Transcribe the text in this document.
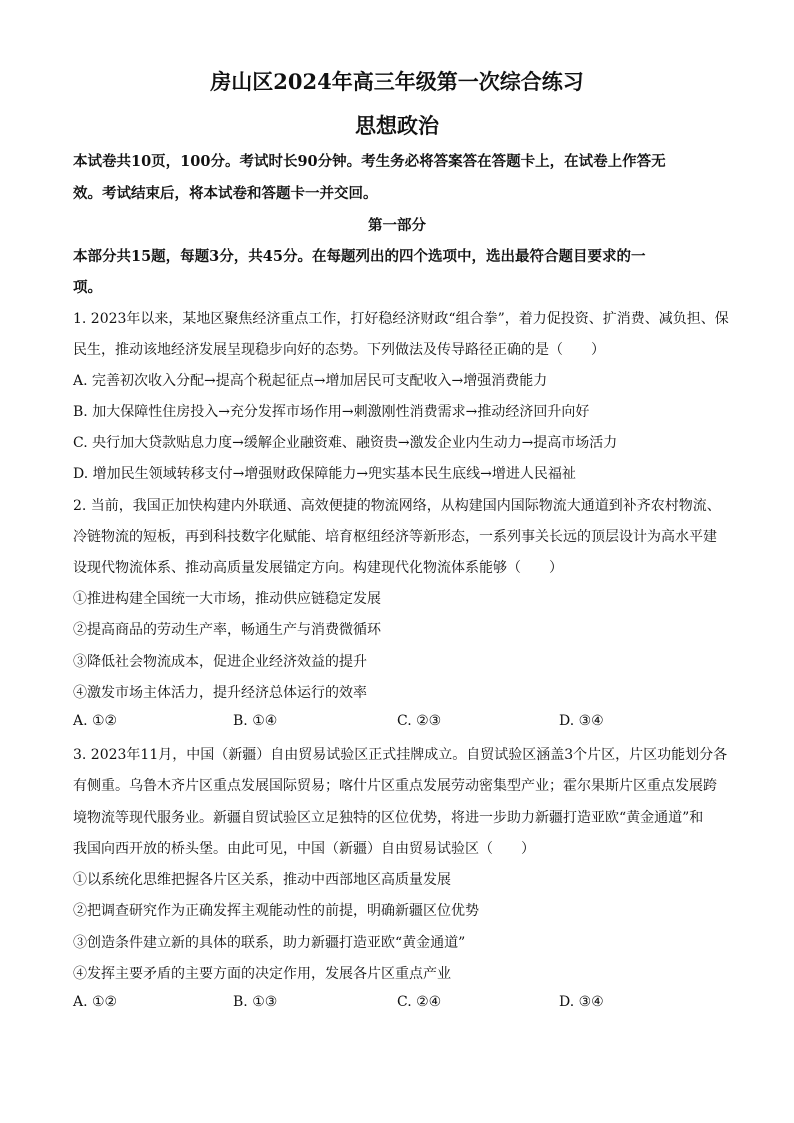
房山区2024年高三年级第一次综合练习
思想政治
本试卷共10页，100分。考试时长90分钟。考生务必将答案答在答题卡上，在试卷上作答无
效。考试结束后，将本试卷和答题卡一并交回。
第一部分
本部分共15题，每题3分，共45分。在每题列出的四个选项中，选出最符合题目要求的一
项。
1. 2023年以来，某地区聚焦经济重点工作，打好稳经济财政“组合拳”，着力促投资、扩消费、减负担、保
民生，推动该地经济发展呈现稳步向好的态势。下列做法及传导路径正确的是（　　）
A. 完善初次收入分配→提高个税起征点→增加居民可支配收入→增强消费能力
B. 加大保障性住房投入→充分发挥市场作用→刺激刚性消费需求→推动经济回升向好
C. 央行加大贷款贴息力度→缓解企业融资难、融资贵→激发企业内生动力→提高市场活力
D. 增加民生领域转移支付→增强财政保障能力→兜实基本民生底线→增进人民福祉
2. 当前，我国正加快构建内外联通、高效便捷的物流网络，从构建国内国际物流大通道到补齐农村物流、
冷链物流的短板，再到科技数字化赋能、培育枢纽经济等新形态，一系列事关长远的顶层设计为高水平建
设现代物流体系、推动高质量发展锚定方向。构建现代化物流体系能够（　　）
①推进构建全国统一大市场，推动供应链稳定发展
②提高商品的劳动生产率，畅通生产与消费微循环
③降低社会物流成本，促进企业经济效益的提升
④激发市场主体活力，提升经济总体运行的效率
A. ①②	B. ①④	C. ②③	D. ③④
3. 2023年11月，中国（新疆）自由贸易试验区正式挂牌成立。自贸试验区涵盖3个片区，片区功能划分各
有侧重。乌鲁木齐片区重点发展国际贸易；喀什片区重点发展劳动密集型产业；霍尔果斯片区重点发展跨
境物流等现代服务业。新疆自贸试验区立足独特的区位优势，将进一步助力新疆打造亚欧“黄金通道”和
我国向西开放的桥头堡。由此可见，中国（新疆）自由贸易试验区（　　）
①以系统化思维把握各片区关系，推动中西部地区高质量发展
②把调查研究作为正确发挥主观能动性的前提，明确新疆区位优势
③创造条件建立新的具体的联系，助力新疆打造亚欧“黄金通道”
④发挥主要矛盾的主要方面的决定作用，发展各片区重点产业
A. ①②	B. ①③	C. ②④	D. ③④
